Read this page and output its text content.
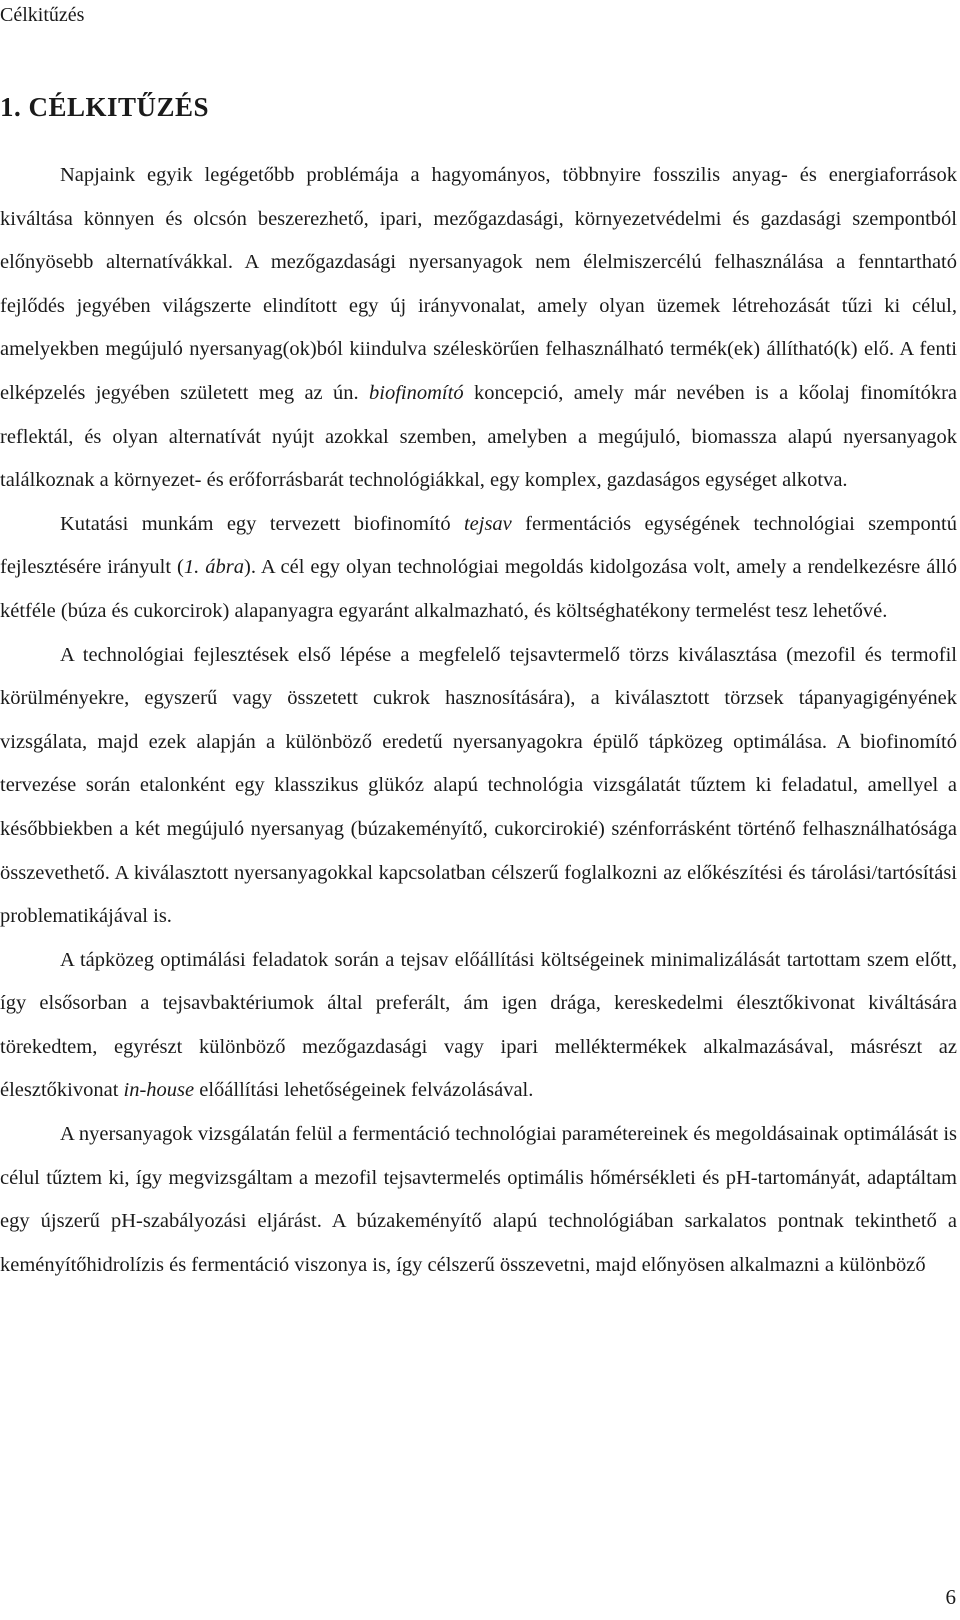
Célkitűzés
1. CÉLKITŰZÉS

Napjaink egyik legégetőbb problémája a hagyományos, többnyire fosszilis anyag- és energiaforrások kiváltása könnyen és olcsón beszerezhető, ipari, mezőgazdasági, környezetvédelmi és gazdasági szempontból előnyösebb alternatívákkal. A mezőgazdasági nyersanyagok nem élelmiszercélú felhasználása a fenntartható fejlődés jegyében világszerte elindított egy új irányvonalat, amely olyan üzemek létrehozását tűzi ki célul, amelyekben megújuló nyersanyag(ok)ból kiindulva széleskörűen felhasználható termék(ek) állítható(k) elő. A fenti elképzelés jegyében született meg az ún. biofinomító koncepció, amely már nevében is a kőolaj finomítókra reflektál, és olyan alternatívát nyújt azokkal szemben, amelyben a megújuló, biomassza alapú nyersanyagok találkoznak a környezet- és erőforrásbarát technológiákkal, egy komplex, gazdaságos egységet alkotva.

Kutatási munkám egy tervezett biofinomító tejsav fermentációs egységének technológiai szempontú fejlesztésére irányult (1. ábra). A cél egy olyan technológiai megoldás kidolgozása volt, amely a rendelkezésre álló kétféle (búza és cukorcirok) alapanyagra egyaránt alkalmazható, és költséghatékony termelést tesz lehetővé.

A technológiai fejlesztések első lépése a megfelelő tejsavtermelő törzs kiválasztása (mezofil és termofil körülményekre, egyszerű vagy összetett cukrok hasznosítására), a kiválasztott törzsek tápanyagigényének vizsgálata, majd ezek alapján a különböző eredetű nyersanyagokra épülő tápközeg optimálása. A biofinomító tervezése során etalonként egy klasszikus glükóz alapú technológia vizsgálatát tűztem ki feladatul, amellyel a későbbiekben a két megújuló nyersanyag (búzakeményítő, cukorcirokié) szénforrásként történő felhasználhatósága összevethető. A kiválasztott nyersanyagokkal kapcsolatban célszerű foglalkozni az előkészítési és tárolási/tartósítási problematikájával is.

A tápközeg optimálási feladatok során a tejsav előállítási költségeinek minimalizálását tartottam szem előtt, így elsősorban a tejsavbaktériumok által preferált, ám igen drága, kereskedelmi élesztőkivonat kiváltására törekedtem, egyrészt különböző mezőgazdasági vagy ipari melléktermékek alkalmazásával, másrészt az élesztőkivonat in-house előállítási lehetőségeinek felvázolásával.

A nyersanyagok vizsgálatán felül a fermentáció technológiai paramétereinek és megoldásainak optimálását is célul tűztem ki, így megvizsgáltam a mezofil tejsavtermelés optimális hőmérsékleti és pH-tartományát, adaptáltam egy újszerű pH-szabályozási eljárást. A búzakeményítő alapú technológiában sarkalatos pontnak tekinthető a keményítőhidrolízis és fermentáció viszonya is, így célszerű összevetni, majd előnyösen alkalmazni a különböző

6
